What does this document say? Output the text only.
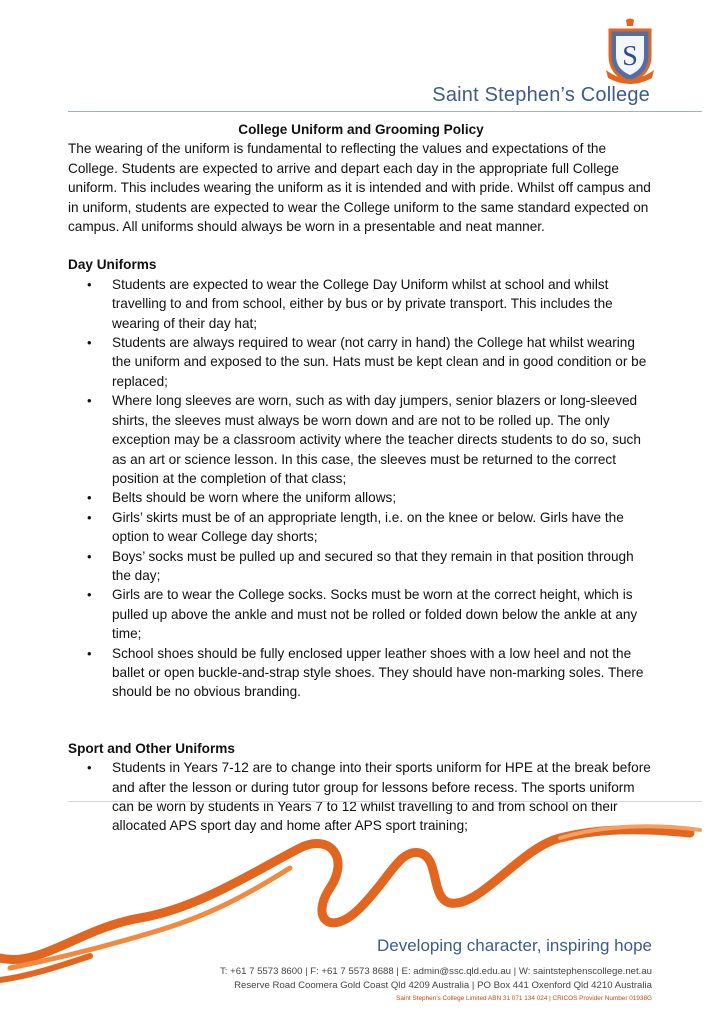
S
Saint Stephen’s College

College Uniform and Grooming Policy

The wearing of the uniform is fundamental to reflecting the values and expectations of the College. Students are expected to arrive and depart each day in the appropriate full College uniform. This includes wearing the uniform as it is intended and with pride. Whilst off campus and in uniform, students are expected to wear the College uniform to the same standard expected on campus. All uniforms should always be worn in a presentable and neat manner.

Day Uniforms
• Students are expected to wear the College Day Uniform whilst at school and whilst travelling to and from school, either by bus or by private transport. This includes the wearing of their day hat;
• Students are always required to wear (not carry in hand) the College hat whilst wearing the uniform and exposed to the sun. Hats must be kept clean and in good condition or be replaced;
• Where long sleeves are worn, such as with day jumpers, senior blazers or long-sleeved shirts, the sleeves must always be worn down and are not to be rolled up. The only exception may be a classroom activity where the teacher directs students to do so, such as an art or science lesson. In this case, the sleeves must be returned to the correct position at the completion of that class;
• Belts should be worn where the uniform allows;
• Girls’ skirts must be of an appropriate length, i.e. on the knee or below. Girls have the option to wear College day shorts;
• Boys’ socks must be pulled up and secured so that they remain in that position through the day;
• Girls are to wear the College socks. Socks must be worn at the correct height, which is pulled up above the ankle and must not be rolled or folded down below the ankle at any time;
• School shoes should be fully enclosed upper leather shoes with a low heel and not the ballet or open buckle-and-strap style shoes. They should have non-marking soles. There should be no obvious branding.
Sport and Other Uniforms
• Students in Years 7-12 are to change into their sports uniform for HPE at the break before and after the lesson or during tutor group for lessons before recess. The sports uniform can be worn by students in Years 7 to 12 whilst travelling to and from school on their allocated APS sport day and home after APS sport training;
Developing character, inspiring hope
T: +61 7 5573 8600 | F: +61 7 5573 8688 | E: admin@ssc.qld.edu.au | W: saintstephenscollege.net.au
Reserve Road Coomera Gold Coast Qld 4209 Australia | PO Box 441 Oxenford Qld 4210 Australia
Saint Stephen’s College Limited ABN 31 071 134 024 | CRICOS Provider Number 01938G
